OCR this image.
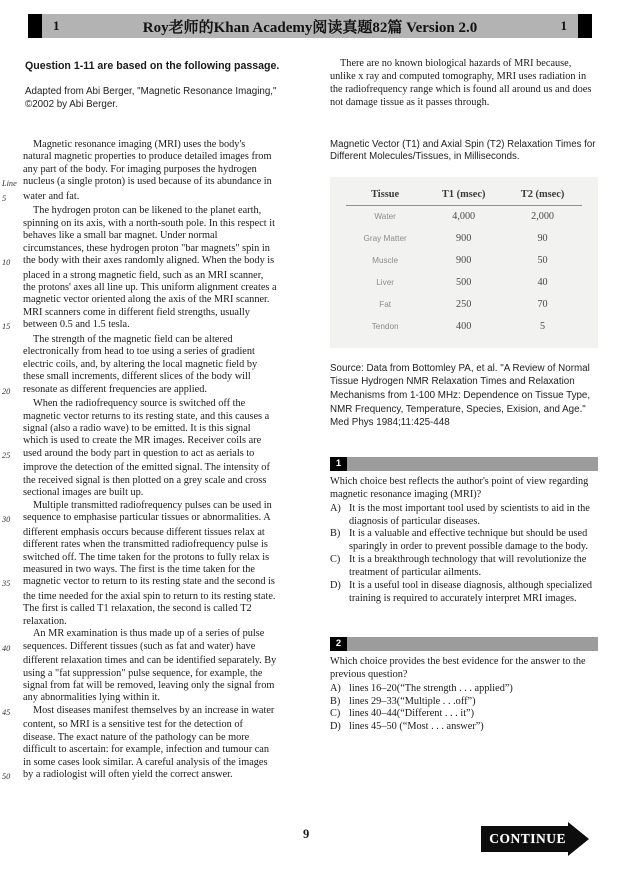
1	Roy老师的Khan Academy阅读真题82篇 Version 2.0	1
Question 1-11 are based on the following passage.
Adapted from Abi Berger, "Magnetic Resonance Imaging,"
©2002 by Abi Berger.
Magnetic resonance imaging (MRI) uses the body's
natural magnetic properties to produce detailed images from
any part of the body. For imaging purposes the hydrogen
Line nucleus (a single proton) is used because of its abundance in
5	water and fat.
The hydrogen proton can be likened to the planet earth,
spinning on its axis, with a north-south pole. In this respect it
behaves like a small bar magnet. Under normal
circumstances, these hydrogen proton "bar magnets" spin in
10	the body with their axes randomly aligned. When the body is
placed in a strong magnetic field, such as an MRI scanner,
the protons' axes all line up. This uniform alignment creates a
magnetic vector oriented along the axis of the MRI scanner.
MRI scanners come in different field strengths, usually
15	between 0.5 and 1.5 tesla.
The strength of the magnetic field can be altered
electronically from head to toe using a series of gradient
electric coils, and, by altering the local magnetic field by
these small increments, different slices of the body will
20	resonate as different frequencies are applied.
When the radiofrequency source is switched off the
magnetic vector returns to its resting state, and this causes a
signal (also a radio wave) to be emitted. It is this signal
which is used to create the MR images. Receiver coils are
25	used around the body part in question to act as aerials to
improve the detection of the emitted signal. The intensity of
the received signal is then plotted on a grey scale and cross
sectional images are built up.
Multiple transmitted radiofrequency pulses can be used in
30	sequence to emphasise particular tissues or abnormalities. A
different emphasis occurs because different tissues relax at
different rates when the transmitted radiofrequency pulse is
switched off. The time taken for the protons to fully relax is
measured in two ways. The first is the time taken for the
35	magnetic vector to return to its resting state and the second is
the time needed for the axial spin to return to its resting state.
The first is called T1 relaxation, the second is called T2
relaxation.
An MR examination is thus made up of a series of pulse
40	sequences. Different tissues (such as fat and water) have
different relaxation times and can be identified separately. By
using a "fat suppression" pulse sequence, for example, the
signal from fat will be removed, leaving only the signal from
any abnormalities lying within it.
45	Most diseases manifest themselves by an increase in water
content, so MRI is a sensitive test for the detection of
disease. The exact nature of the pathology can be more
difficult to ascertain: for example, infection and tumour can
in some cases look similar. A careful analysis of the images
50	by a radiologist will often yield the correct answer.
There are no known biological hazards of MRI because, unlike x ray and computed tomography, MRI uses radiation in the radiofrequency range which is found all around us and does not damage tissue as it passes through.
Magnetic Vector (T1) and Axial Spin (T2) Relaxation Times for Different Molecules/Tissues, in Milliseconds.
Tissue	T1 (msec)	T2 (msec)
Water	4,000	2,000
Gray Matter	900	90
Muscle	900	50
Liver	500	40
Fat	250	70
Tendon	400	5
Source: Data from Bottomley PA, et al. "A Review of Normal Tissue Hydrogen NMR Relaxation Times and Relaxation Mechanisms from 1-100 MHz: Dependence on Tissue Type, NMR Frequency, Temperature, Species, Exision, and Age." Med Phys 1984;11:425-448
1
Which choice best reflects the author's point of view regarding magnetic resonance imaging (MRI)?
A) It is the most important tool used by scientists to aid in the diagnosis of particular diseases.
B) It is a valuable and effective technique but should be used sparingly in order to prevent possible damage to the body.
C) It is a breakthrough technology that will revolutionize the treatment of particular ailments.
D) It is a useful tool in disease diagnosis, although specialized training is required to accurately interpret MRI images.
2
Which choice provides the best evidence for the answer to the previous question?
A) lines 16–20(“The strength . . . applied”)
B) lines 29–33(“Multiple . . .off”)
C) lines 40–44(“Different . . . it”)
D) lines 45–50 (“Most . . . answer”)
9	CONTINUE
